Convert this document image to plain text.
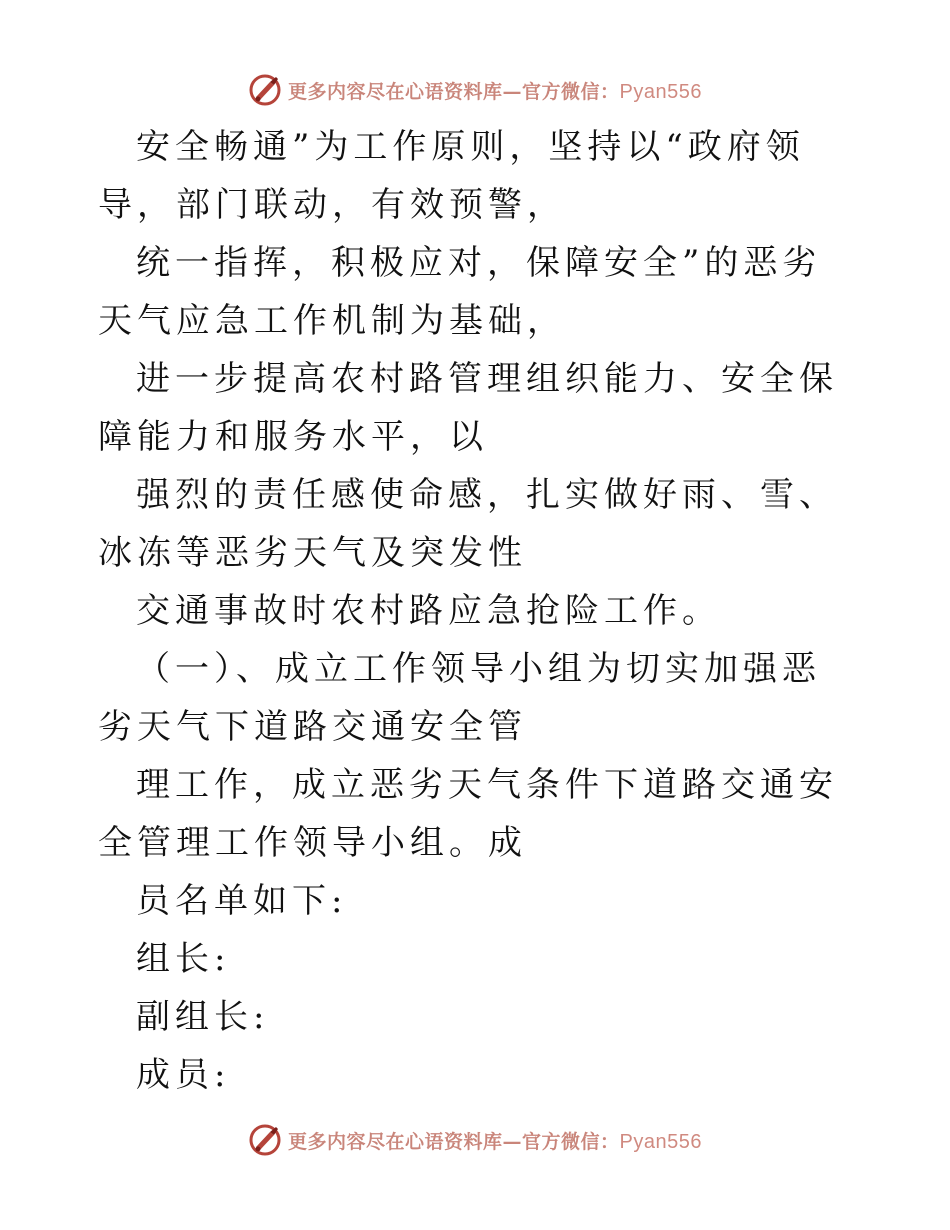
更多内容尽在心语资料库—官方微信：Pyan556

安全畅通”为工作原则，坚持以“政府领导，部门联动，有效预警，

统一指挥，积极应对，保障安全”的恶劣天气应急工作机制为基础，

进一步提高农村路管理组织能力、安全保障能力和服务水平，以

强烈的责任感使命感，扎实做好雨、雪、冰冻等恶劣天气及突发性

交通事故时农村路应急抢险工作。

（一）、成立工作领导小组为切实加强恶劣天气下道路交通安全管

理工作，成立恶劣天气条件下道路交通安全管理工作领导小组。成

员名单如下:

组长:

副组长:

成员:

更多内容尽在心语资料库—官方微信：Pyan556
